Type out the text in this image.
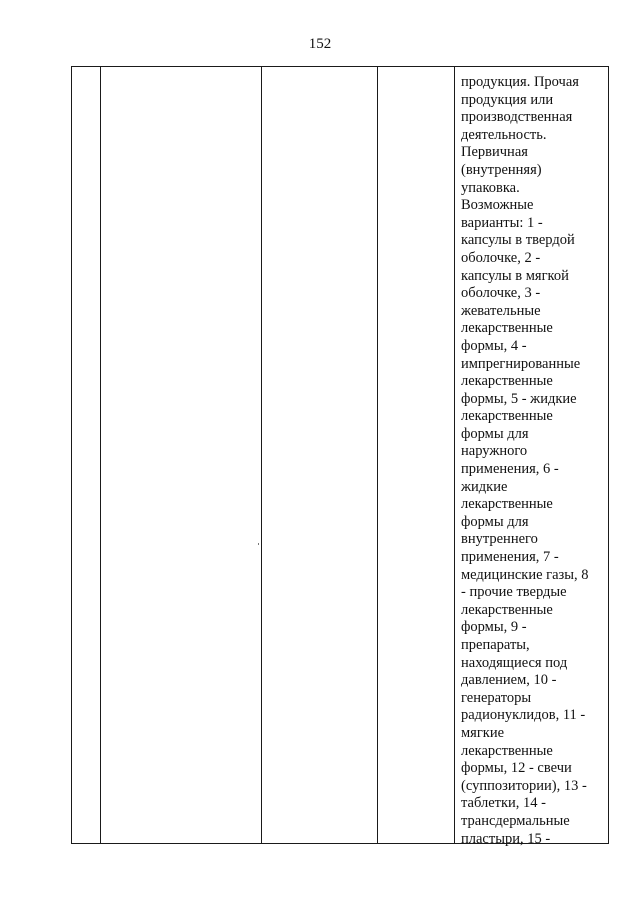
152
продукция. Прочая
продукция или
производственная
деятельность.
Первичная
(внутренняя)
упаковка.
Возможные
варианты: 1 -
капсулы в твердой
оболочке, 2 -
капсулы в мягкой
оболочке, 3 -
жевательные
лекарственные
формы, 4 -
импрегнированные
лекарственные
формы, 5 - жидкие
лекарственные
формы для
наружного
применения, 6 -
жидкие
лекарственные
формы для
внутреннего
применения, 7 -
медицинские газы, 8
- прочие твердые
лекарственные
формы, 9 -
препараты,
находящиеся под
давлением, 10 -
генераторы
радионуклидов, 11 -
мягкие
лекарственные
формы, 12 - свечи
(суппозитории), 13 -
таблетки, 14 -
трансдермальные
пластыри, 15 -
